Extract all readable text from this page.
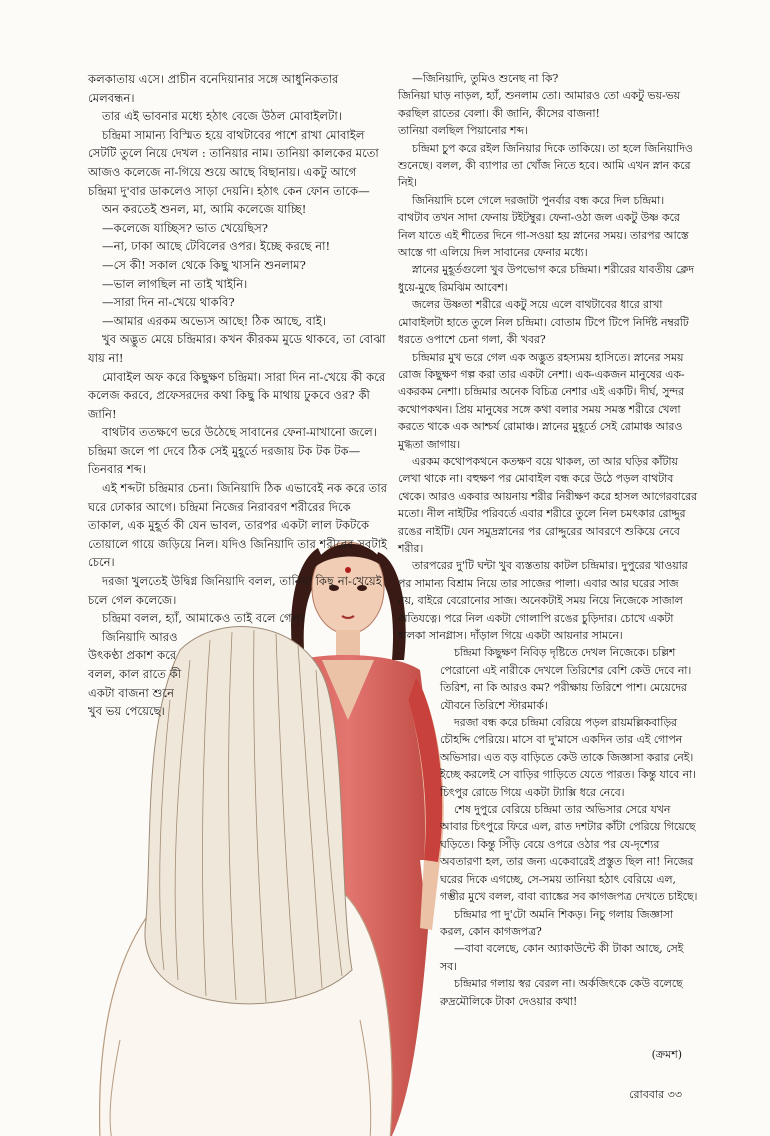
কলকাতায় এসে। প্রাচীন বনেদিয়ানার সঙ্গে আধুনিকতার মেলবন্ধন।

তার এই ভাবনার মধ্যে হঠাৎ বেজে উঠল মোবাইলটা।

চন্দ্রিমা সামান্য বিস্মিত হয়ে বাথটাবের পাশে রাখা মোবাইল সেটটি তুলে নিয়ে দেখল : তানিয়ার নাম। তানিয়া কালকের মতো আজও কলেজে না-গিয়ে শুয়ে আছে বিছানায়। একটু আগে চন্দ্রিমা দু'বার ডাকলেও সাড়া দেয়নি। হঠাৎ কেন ফোন তাকে—

অন করতেই শুনল, মা, আমি কলেজে যাচ্ছি!

—কলেজে যাচ্ছিস? ভাত খেয়েছিস?

—না, ঢাকা আছে টেবিলের ওপর। ইচ্ছে করছে না!

—সে কী! সকাল থেকে কিছু খাসনি শুনলাম?

—ভাল লাগছিল না তাই খাইনি।

—সারা দিন না-খেয়ে থাকবি?

—আমার এরকম অভ্যেস আছে! ঠিক আছে, বাই।

খুব অদ্ভুত মেয়ে চন্দ্রিমার। কখন কীরকম মুডে থাকবে, তা বোঝা যায় না!

মোবাইল অফ করে কিছুক্ষণ চন্দ্রিমা। সারা দিন না-খেয়ে কী করে কলেজ করবে, প্রফেসরদের কথা কিছু কি মাথায় ঢুকবে ওর? কী জানি!

বাথটাব ততক্ষণে ভরে উঠেছে সাবানের ফেনা-মাখানো জলে। চন্দ্রিমা জলে পা দেবে ঠিক সেই মুহূর্তে দরজায় টক টক টক—তিনবার শব্দ।

এই শব্দটা চন্দ্রিমার চেনা। জিনিয়াদি ঠিক এভাবেই নক করে তার ঘরে ঢোকার আগে। চন্দ্রিমা নিজের নিরাবরণ শরীরের দিকে তাকাল, এক মুহূর্ত কী যেন ভাবল, তারপর একটা লাল টকটকে তোয়ালে গায়ে জড়িয়ে নিল। যদিও জিনিয়াদি তার শরীরের সবটাই চেনে।

দরজা খুলতেই উদ্বিগ্ন জিনিয়াদি বলল, তানিয়া কিছু না-খেয়েই চলে গেল কলেজে।

চন্দ্রিমা বলল, হ্যাঁ, আমাকেও তাই বলে গেল।

জিনিয়াদি আরও উৎকণ্ঠা প্রকাশ করে বলল, কাল রাতে কী একটা বাজনা শুনে খুব ভয় পেয়েছে।

—জিনিয়াদি, তুমিও শুনেছ না কি?

জিনিয়া ঘাড় নাড়ল, হ্যাঁ, শুনলাম তো। আমারও তো একটু ভয়-ভয় করছিল রাতের বেলা। কী জানি, কীসের বাজনা!

তানিয়া বলছিল পিয়ানোর শব্দ।

চন্দ্রিমা চুপ করে রইল জিনিয়ার দিকে তাকিয়ে। তা হলে জিনিয়াদিও শুনেছে। বলল, কী ব্যাপার তা খোঁজ নিতে হবে। আমি এখন স্নান করে নিই।

জিনিয়াদি চলে গেলে দরজাটা পুনর্বার বন্ধ করে দিল চন্দ্রিমা। বাথটাব তখন সাদা ফেনায় টইটম্বুর। ফেনা-ওঠা জল একটু উষ্ণ করে নিল যাতে এই শীতের দিনে গা-সওয়া হয় স্নানের সময়। তারপর আস্তে আস্তে গা এলিয়ে দিল সাবানের ফেনার মধ্যে।

স্নানের মুহূর্তগুলো খুব উপভোগ করে চন্দ্রিমা। শরীরের যাবতীয় ক্লেদ ধুয়ে-মুছে রিমঝিম আবেশ।

জলের উষ্ণতা শরীরে একটু সয়ে এলে বাথটাবের ধারে রাখা মোবাইলটা হাতে তুলে নিল চন্দ্রিমা। বোতাম টিপে টিপে নির্দিষ্ট নম্বরটি ধরতে ওপাশে চেনা গলা, কী খবর?

চন্দ্রিমার মুখ ভরে গেল এক অদ্ভুত রহস্যময় হাসিতে। স্নানের সময় রোজ কিছুক্ষণ গল্প করা তার একটা নেশা। এক-একজন মানুষের এক-একরকম নেশা। চন্দ্রিমার অনেক বিচিত্র নেশার এই একটি। দীর্ঘ, সুন্দর কথোপকথন। প্রিয় মানুষের সঙ্গে কথা বলার সময় সমস্ত শরীরে খেলা করতে থাকে এক আশ্চর্য রোমাঞ্চ। স্নানের মুহূর্তে সেই রোমাঞ্চ আরও মুগ্ধতা জাগায়।

এরকম কথোপকথনে কতক্ষণ বয়ে থাকল, তা আর ঘড়ির কাঁটায় লেখা থাকে না। বহুক্ষণ পর মোবাইল বন্ধ করে উঠে পড়ল বাথটাব থেকে। আরও একবার আয়নায় শরীর নিরীক্ষণ করে হাসল আগেরবারের মতো। নীল নাইটির পরিবর্তে এবার শরীরে তুলে নিল চমৎকার রোদ্দুর রঙের নাইটি। যেন সমুদ্রস্নানের পর রোদ্দুরের আবরণে শুকিয়ে নেবে শরীর।

তারপরের দু'টি ঘন্টা খুব ব্যস্ততায় কাটল চন্দ্রিমার। দুপুরের খাওয়ার পর সামান্য বিশ্রাম নিয়ে তার সাজের পালা। এবার আর ঘরের সাজ নয়, বাইরে বেরোনোর সাজ। অনেকটাই সময় নিয়ে নিজেকে সাজাল অতিযত্নে। পরে নিল একটা গোলাপি রঙের চুড়িদার। চোখে একটা হালকা সানগ্লাস। দাঁড়াল গিয়ে একটা আয়নার সামনে।

চন্দ্রিমা কিছুক্ষণ নিবিড় দৃষ্টিতে দেখল নিজেকে। চল্লিশ পেরোনো এই নারীকে দেখলে তিরিশের বেশি কেউ দেবে না। তিরিশ, না কি আরও কম? পরীক্ষায় তিরিশে পাশ। মেয়েদের যৌবনে তিরিশে স্টারমার্ক।

দরজা বন্ধ করে চন্দ্রিমা বেরিয়ে পড়ল রায়মল্লিকবাড়ির চৌহদ্দি পেরিয়ে। মাসে বা দু'মাসে একদিন তার এই গোপন অভিসার। এত বড় বাড়িতে কেউ তাকে জিজ্ঞাসা করার নেই। ইচ্ছে করলেই সে বাড়ির গাড়িতে যেতে পারত। কিন্তু যাবে না। চিৎপুর রোডে গিয়ে একটা ট্যাক্সি ধরে নেবে।

শেষ দুপুরে বেরিয়ে চন্দ্রিমা তার অভিসার সেরে যখন আবার চিৎপুরে ফিরে এল, রাত দশটার কাঁটা পেরিয়ে গিয়েছে ঘড়িতে। কিন্তু সিঁড়ি বেয়ে ওপরে ওঠার পর যে-দৃশ্যের অবতারণা হল, তার জন্য একেবারেই প্রস্তুত ছিল না! নিজের ঘরের দিকে এগচ্ছে, সে-সময় তানিয়া হঠাৎ বেরিয়ে এল, গম্ভীর মুখে বলল, বাবা ব্যাঙ্কের সব কাগজপত্র দেখতে চাইছে।

চন্দ্রিমার পা দু'টো অমনি শিকড়। নিচু গলায় জিজ্ঞাসা করল, কোন কাগজপত্র?

—বাবা বলেছে, কোন অ্যাকাউন্টে কী টাকা আছে, সেই সব।

চন্দ্রিমার গলায় স্বর বেরল না। অর্কজিৎকে কেউ বলেছে রুদ্রমৌলিকে টাকা দেওয়ার কথা!

(ক্রমশ)
রোববার ৩৩
